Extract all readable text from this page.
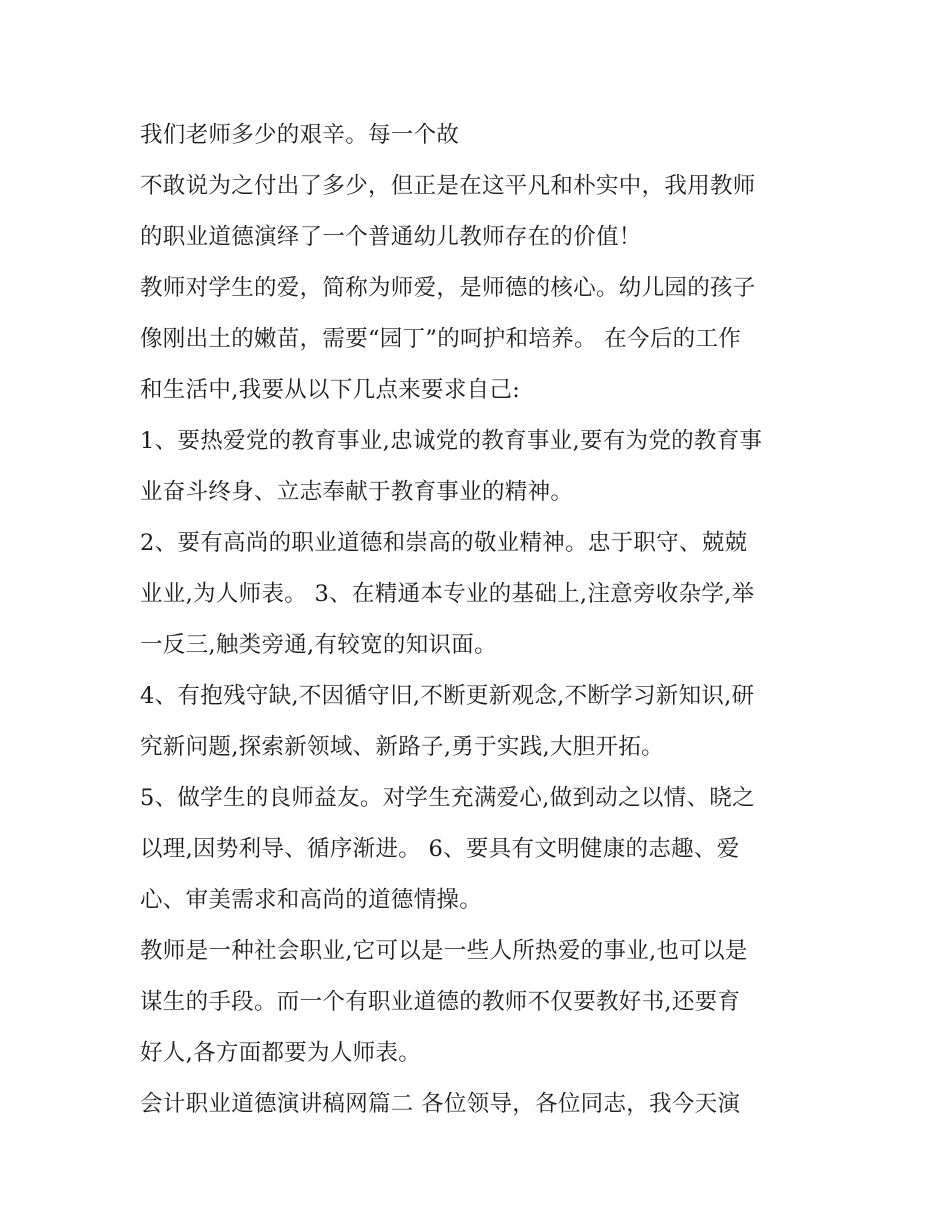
我们老师多少的艰辛。每一个故
不敢说为之付出了多少，但正是在这平凡和朴实中，我用教师
的职业道德演绎了一个普通幼儿教师存在的价值！
教师对学生的爱，简称为师爱，是师德的核心。幼儿园的孩子
像刚出土的嫩苗，需要“园丁”的呵护和培养。 在今后的工作
和生活中,我要从以下几点来要求自己:
1、要热爱党的教育事业,忠诚党的教育事业,要有为党的教育事
业奋斗终身、立志奉献于教育事业的精神。
2、要有高尚的职业道德和崇高的敬业精神。忠于职守、兢兢
业业,为人师表。 3、在精通本专业的基础上,注意旁收杂学,举
一反三,触类旁通,有较宽的知识面。
4、有抱残守缺,不因循守旧,不断更新观念,不断学习新知识,研
究新问题,探索新领域、新路子,勇于实践,大胆开拓。
5、做学生的良师益友。对学生充满爱心,做到动之以情、晓之
以理,因势利导、循序渐进。 6、要具有文明健康的志趣、爱
心、审美需求和高尚的道德情操。
教师是一种社会职业,它可以是一些人所热爱的事业,也可以是
谋生的手段。而一个有职业道德的教师不仅要教好书,还要育
好人,各方面都要为人师表。
会计职业道德演讲稿网篇二 各位领导，各位同志，我今天演
